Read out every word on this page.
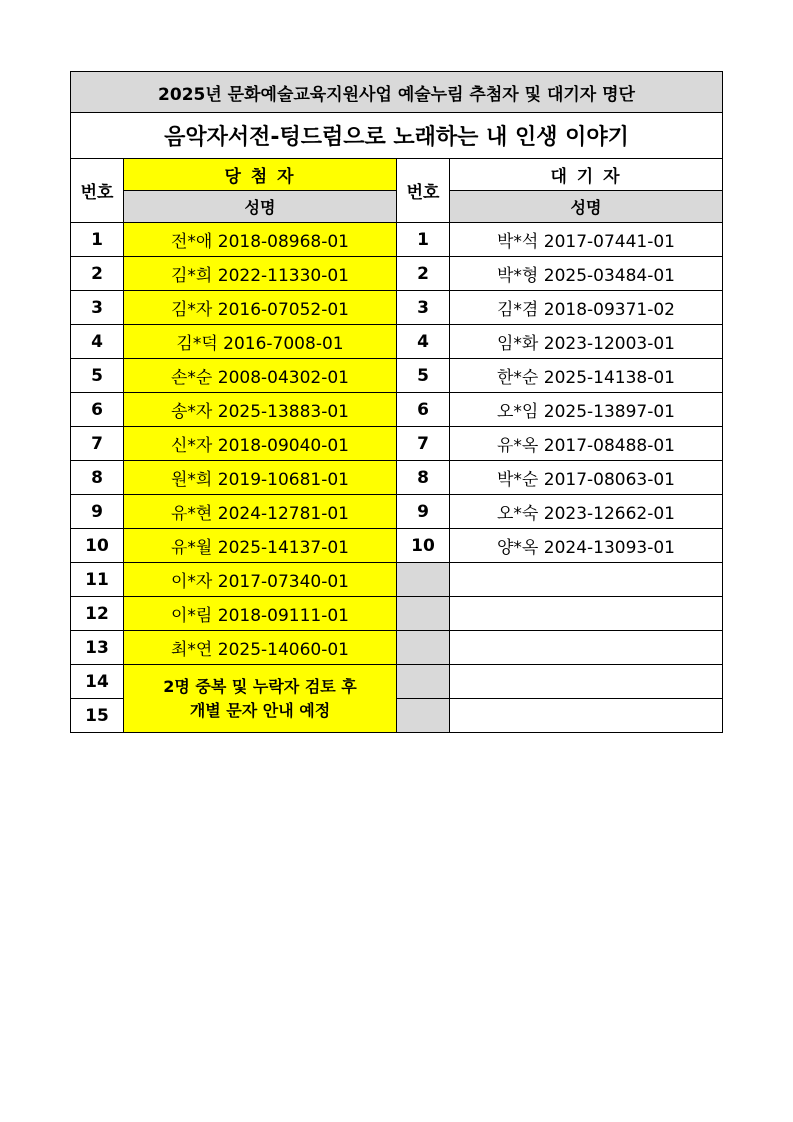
2025년 문화예술교육지원사업 예술누림 추첨자 및 대기자 명단			
음악자서전-텅드럼으로 노래하는 내 인생 이야기			
번호	당 첨 자	번호	대 기 자
	성명		성명
1	전*애 2018-08968-01	1	박*석 2017-07441-01
2	김*희 2022-11330-01	2	박*형 2025-03484-01
3	김*자 2016-07052-01	3	김*겸 2018-09371-02
4	김*덕 2016-7008-01	4	임*화 2023-12003-01
5	손*순 2008-04302-01	5	한*순 2025-14138-01
6	송*자 2025-13883-01	6	오*임 2025-13897-01
7	신*자 2018-09040-01	7	유*옥 2017-08488-01
8	원*희 2019-10681-01	8	박*순 2017-08063-01
9	유*현 2024-12781-01	9	오*숙 2023-12662-01
10	유*월 2025-14137-01	10	양*옥 2024-13093-01
11	이*자 2017-07340-01		
12	이*림 2018-09111-01		
13	최*연 2025-14060-01		
14	2명 중복 및 누락자 검토 후
개별 문자 안내 예정		

15			
